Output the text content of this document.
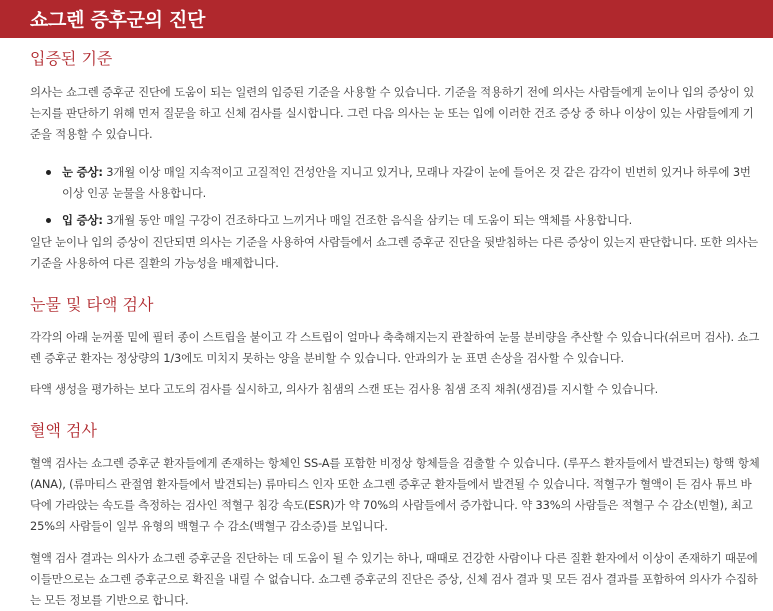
쇼그렌 증후군의 진단
입증된 기준

의사는 쇼그렌 증후군 진단에 도움이 되는 일련의 입증된 기준을 사용할 수 있습니다. 기준을 적용하기 전에 의사는 사람들에게 눈이나 입의 증상이 있는지를 판단하기 위해 먼저 질문을 하고 신체 검사를 실시합니다. 그런 다음 의사는 눈 또는 입에 이러한 건조 증상 중 하나 이상이 있는 사람들에게 기준을 적용할 수 있습니다.

눈 증상: 3개월 이상 매일 지속적이고 고질적인 건성안을 지니고 있거나, 모래나 자갈이 눈에 들어온 것 같은 감각이 빈번히 있거나 하루에 3번 이상 인공 눈물을 사용합니다.
입 증상: 3개월 동안 매일 구강이 건조하다고 느끼거나 매일 건조한 음식을 삼키는 데 도움이 되는 액체를 사용합니다.

일단 눈이나 입의 증상이 진단되면 의사는 기준을 사용하여 사람들에서 쇼그렌 증후군 진단을 뒷받침하는 다른 증상이 있는지 판단합니다. 또한 의사는 기준을 사용하여 다른 질환의 가능성을 배제합니다.

눈물 및 타액 검사

각각의 아래 눈꺼풀 밑에 필터 종이 스트립을 붙이고 각 스트립이 얼마나 축축해지는지 관찰하여 눈물 분비량을 추산할 수 있습니다(쉬르머 검사). 쇼그렌 증후군 환자는 정상량의 1/3에도 미치지 못하는 양을 분비할 수 있습니다. 안과의가 눈 표면 손상을 검사할 수 있습니다.

타액 생성을 평가하는 보다 고도의 검사를 실시하고, 의사가 침샘의 스캔 또는 검사용 침샘 조직 채취(생검)를 지시할 수 있습니다.

혈액 검사

혈액 검사는 쇼그렌 증후군 환자들에게 존재하는 항체인 SS-A를 포함한 비정상 항체들을 검출할 수 있습니다. (루푸스 환자들에서 발견되는) 항핵 항체(ANA), (류마티스 관절염 환자들에서 발견되는) 류마티스 인자 또한 쇼그렌 증후군 환자들에서 발견될 수 있습니다. 적혈구가 혈액이 든 검사 튜브 바닥에 가라앉는 속도를 측정하는 검사인 적혈구 침강 속도(ESR)가 약 70%의 사람들에서 증가합니다. 약 33%의 사람들은 적혈구 수 감소(빈혈), 최고 25%의 사람들이 일부 유형의 백혈구 수 감소(백혈구 감소증)를 보입니다.

혈액 검사 결과는 의사가 쇼그렌 증후군을 진단하는 데 도움이 될 수 있기는 하나, 때때로 건강한 사람이나 다른 질환 환자에서 이상이 존재하기 때문에 이들만으로는 쇼그렌 증후군으로 확진을 내릴 수 없습니다. 쇼그렌 증후군의 진단은 증상, 신체 검사 결과 및 모든 검사 결과를 포함하여 의사가 수집하는 모든 정보를 기반으로 합니다.
